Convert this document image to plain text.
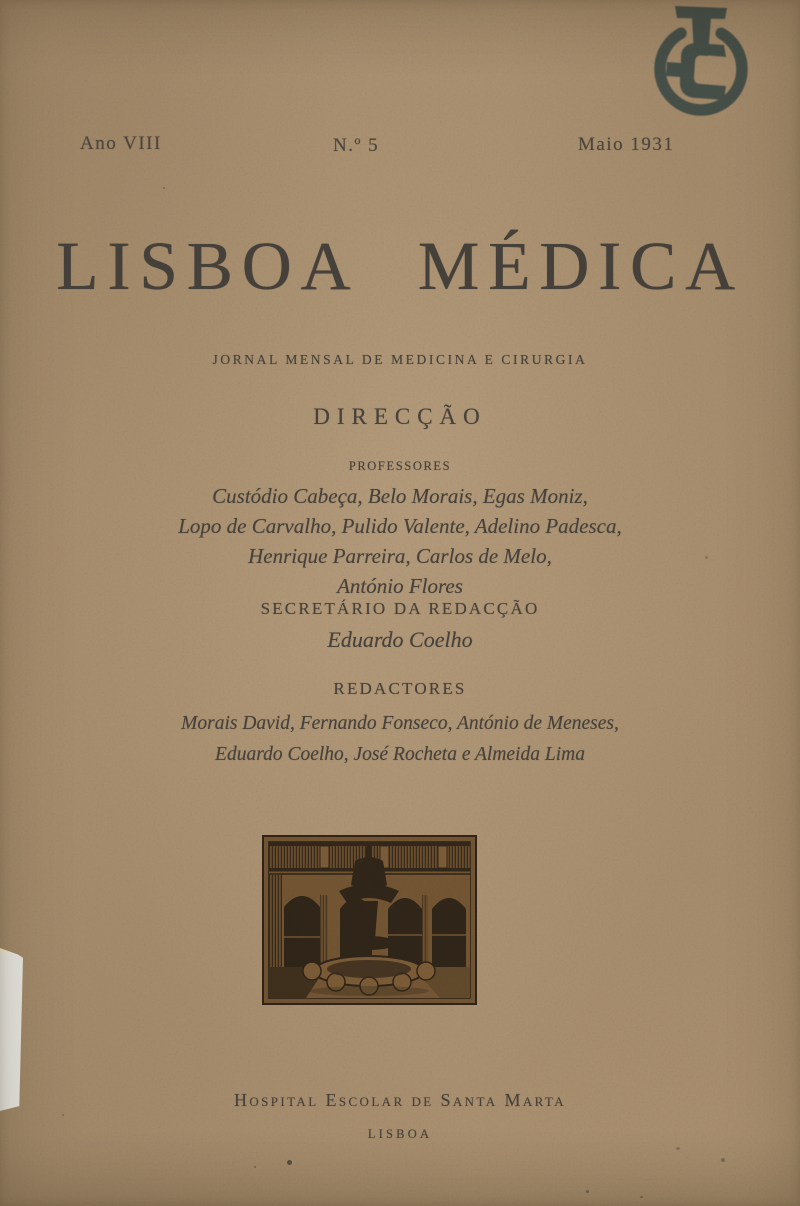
Ano VIII	N.º 5	Maio 1931
LISBOA MÉDICA
JORNAL MENSAL DE MEDICINA E CIRURGIA
DIRECÇÃO
PROFESSORES
Custódio Cabeça, Belo Morais, Egas Moniz,
Lopo de Carvalho, Pulido Valente, Adelino Padesca,
Henrique Parreira, Carlos de Melo,
António Flores
SECRETÁRIO DA REDACÇÃO
Eduardo Coelho
REDACTORES
Morais David, Fernando Fonseco, António de Meneses,
Eduardo Coelho, José Rocheta e Almeida Lima
Hospital Escolar de Santa Marta
LISBOA
